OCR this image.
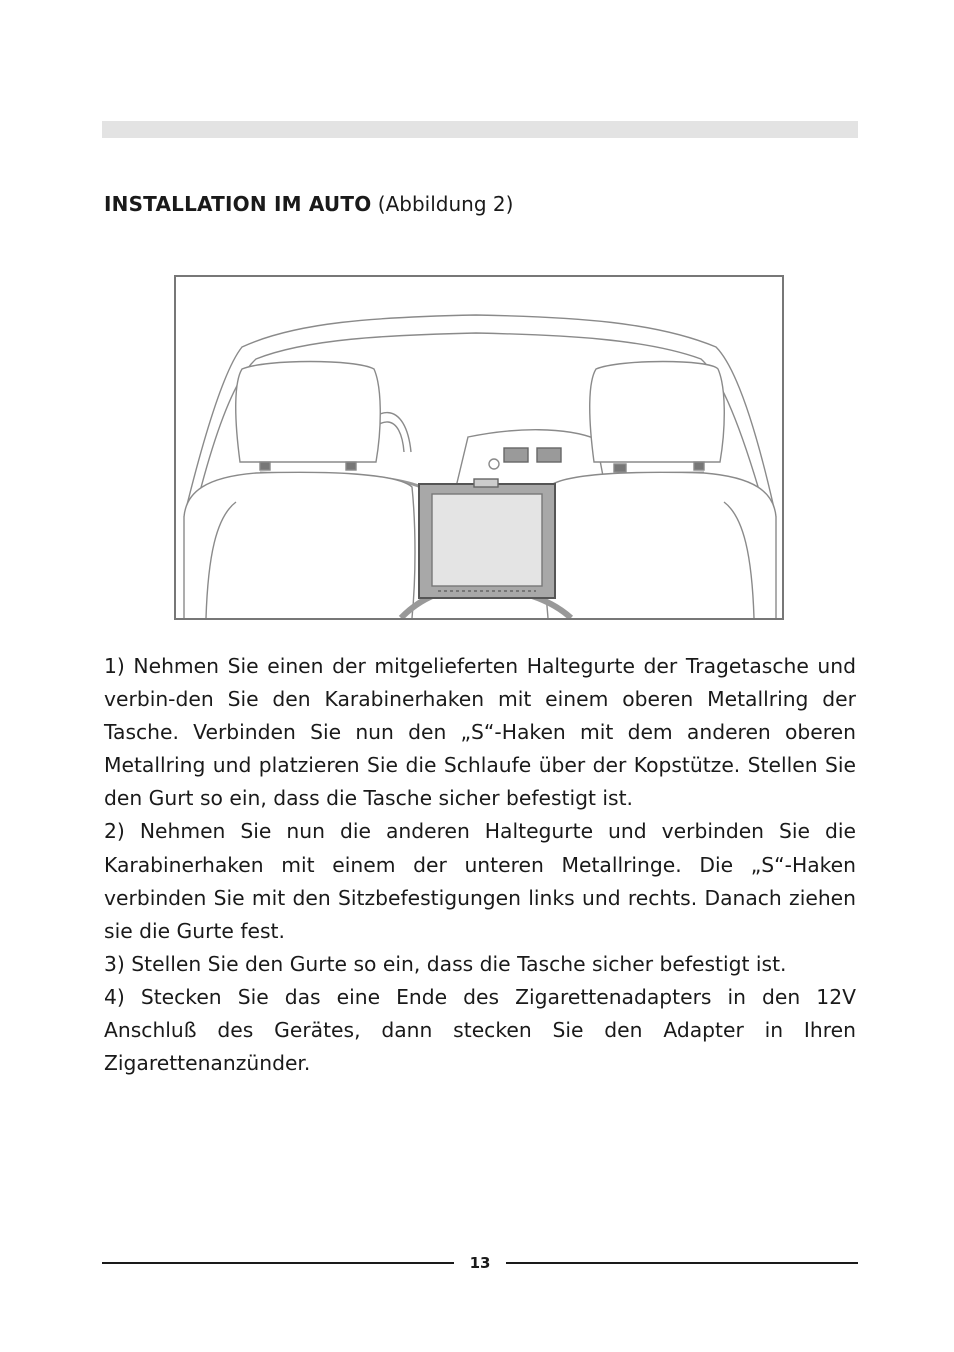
INSTALLATION IM AUTO (Abbildung 2)

1) Nehmen Sie einen der mitgelieferten Haltegurte der Tragetasche und verbin-den Sie den Karabinerhaken mit einem oberen Metallring der Tasche. Verbinden Sie nun den „S“-Haken mit dem anderen oberen Metallring und platzieren Sie die Schlaufe über der Kopstütze. Stellen Sie den Gurt so ein, dass die Tasche sicher befestigt ist.

2) Nehmen Sie nun die anderen Haltegurte und verbinden Sie die Karabinerhaken mit einem der unteren Metallringe. Die „S“-Haken verbinden Sie mit den Sitzbefestigungen links und rechts. Danach ziehen sie die Gurte fest.

3) Stellen Sie den Gurte so ein, dass die Tasche sicher befestigt ist.

4) Stecken Sie das eine Ende des Zigarettenadapters in den 12V Anschluß des Gerätes, dann stecken Sie den Adapter in Ihren Zigarettenanzünder.

13
